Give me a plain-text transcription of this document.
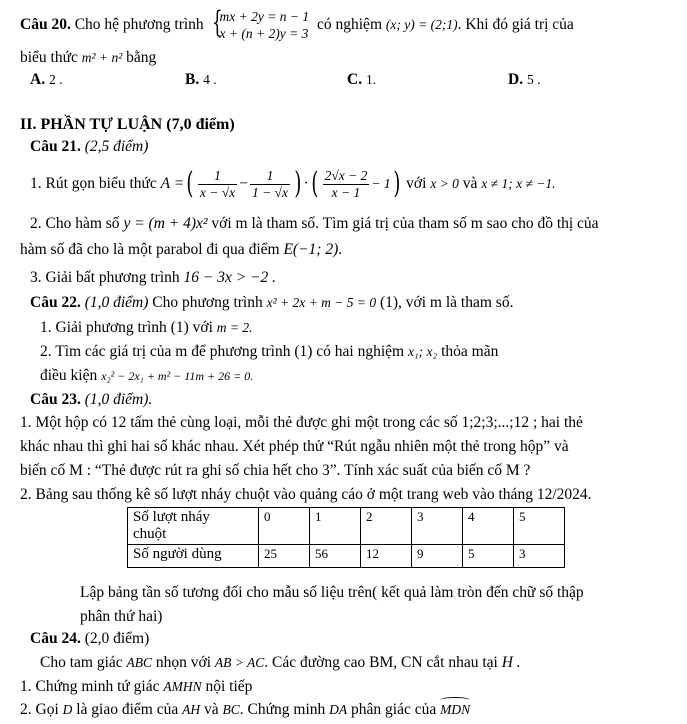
Câu 20. Cho hệ phương trình {
mx + 2y = n − 1
x + (n + 2)y = 3
có nghiệm (x; y) = (2;1). Khi đó giá trị của
biểu thức m² + n² bằng
A. 2 .	B. 4 .	C. 1.	D. 5 .
II. PHẦN TỰ LUẬN (7,0 điểm)
Câu 21. (2,5 điểm)
1. Rút gọn biểu thức A =( $\frac{1}{x - √x} - \frac{1}{1 - √x}$ ) ·( $\frac{2√x - 2}{x - 1} - 1$) với x > 0 và x ≠ 1; x ≠ −1.
2. Cho hàm số y = (m + 4)x² với m là tham số. Tìm giá trị của tham số m sao cho đồ thị của
hàm số đã cho là một parabol đi qua điểm E(−1; 2).
3. Giải bất phương trình 16 − 3x > −2 .
Câu 22. (1,0 điểm) Cho phương trình x² + 2x + m − 5 = 0 (1), với m là tham số.
1. Giải phương trình (1) với m = 2.
2. Tìm các giá trị của m để phương trình (1) có hai nghiệm x₁; x₂ thỏa mãn
điều kiện x₂² − 2x₁ + m² − 11m + 26 = 0.
Câu 23. (1,0 điểm).
1. Một hộp có 12 tấm thẻ cùng loại, mỗi thẻ được ghi một trong các số 1;2;3;...;12 ; hai thẻ
khác nhau thì ghi hai số khác nhau. Xét phép thử “Rút ngẫu nhiên một thẻ trong hộp” và
biến cố M : “Thẻ được rút ra ghi số chia hết cho 3”. Tính xác suất của biến cố M ?
2. Bảng sau thống kê số lượt nháy chuột vào quảng cáo ở một trang web vào tháng 12/2024.
Số lượt nháy
chuột	0	1	2	3	4	5
Số người dùng	25	56	12	9	5	3
Lập bảng tần số tương đối cho mẫu số liệu trên( kết quả làm tròn đến chữ số thập
phân thứ hai)
Câu 24. (2,0 điểm)
Cho tam giác ABC nhọn với AB > AC. Các đường cao BM, CN cắt nhau tại H .
1. Chứng minh tứ giác AMHN nội tiếp
2. Gọi D là giao điểm của AH và BC. Chứng minh DA phân giác của MDN
